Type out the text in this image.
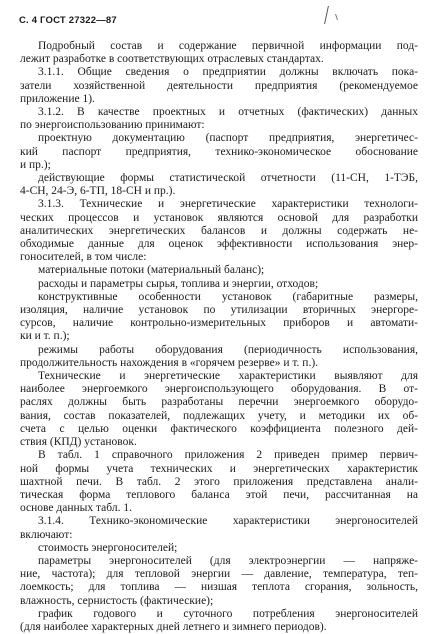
С. 4 ГОСТ 27322—87
Подробный состав и содержание первичной информации под-
лежит разработке в соответствующих отраслевых стандартах.
3.1.1. Общие сведения о предприятии должны включать пока-
затели хозяйственной деятельности предприятия (рекомендуемое
приложение 1).
3.1.2. В качестве проектных и отчетных (фактических) данных
по энергоиспользованию принимают:
проектную документацию (паспорт предприятия, энергетичес-
кий паспорт предприятия, технико-экономическое обоснование
и пр.);
действующие формы статистической отчетности (11-СН, 1-ТЭБ,
4-СН, 24-Э, 6-ТП, 18-СН и пр.).
3.1.3. Технические и энергетические характеристики технологи-
ческих процессов и установок являются основой для разработки
аналитических энергетических балансов и должны содержать не-
обходимые данные для оценок эффективности использования энер-
гоносителей, в том числе:
материальные потоки (материальный баланс);
расходы и параметры сырья, топлива и энергии, отходов;
конструктивные особенности установок (габаритные размеры,
изоляция, наличие установок по утилизации вторичных энергоре-
сурсов, наличие контрольно-измерительных приборов и автомати-
ки и т. п.);
режимы работы оборудования (периодичность использования,
продолжительность нахождения в «горячем резерве» и т. п.).
Технические и энергетические характеристики выявляют для
наиболее энергоемкого энергоиспользующего оборудования. В от-
раслях должны быть разработаны перечни энергоемкого оборудо-
вания, состав показателей, подлежащих учету, и методики их об-
счета с целью оценки фактического коэффициента полезного дей-
ствия (КПД) установок.
В табл. 1 справочного приложения 2 приведен пример первич-
ной формы учета технических и энергетических характеристик
шахтной печи. В табл. 2 этого приложения представлена анали-
тическая форма теплового баланса этой печи, рассчитанная на
основе данных табл. 1.
3.1.4. Технико-экономические характеристики энергоносителей
включают:
стоимость энергоносителей;
параметры энергоносителей (для электроэнергии — напряже-
ние, частота); для тепловой энергии — давление, температура, теп-
лоемкость; для топлива — низшая теплота сгорания, зольность,
влажность, сернистость (фактические);
график годового и суточного потребления энергоносителей
(для наиболее характерных дней летнего и зимнего периодов).
